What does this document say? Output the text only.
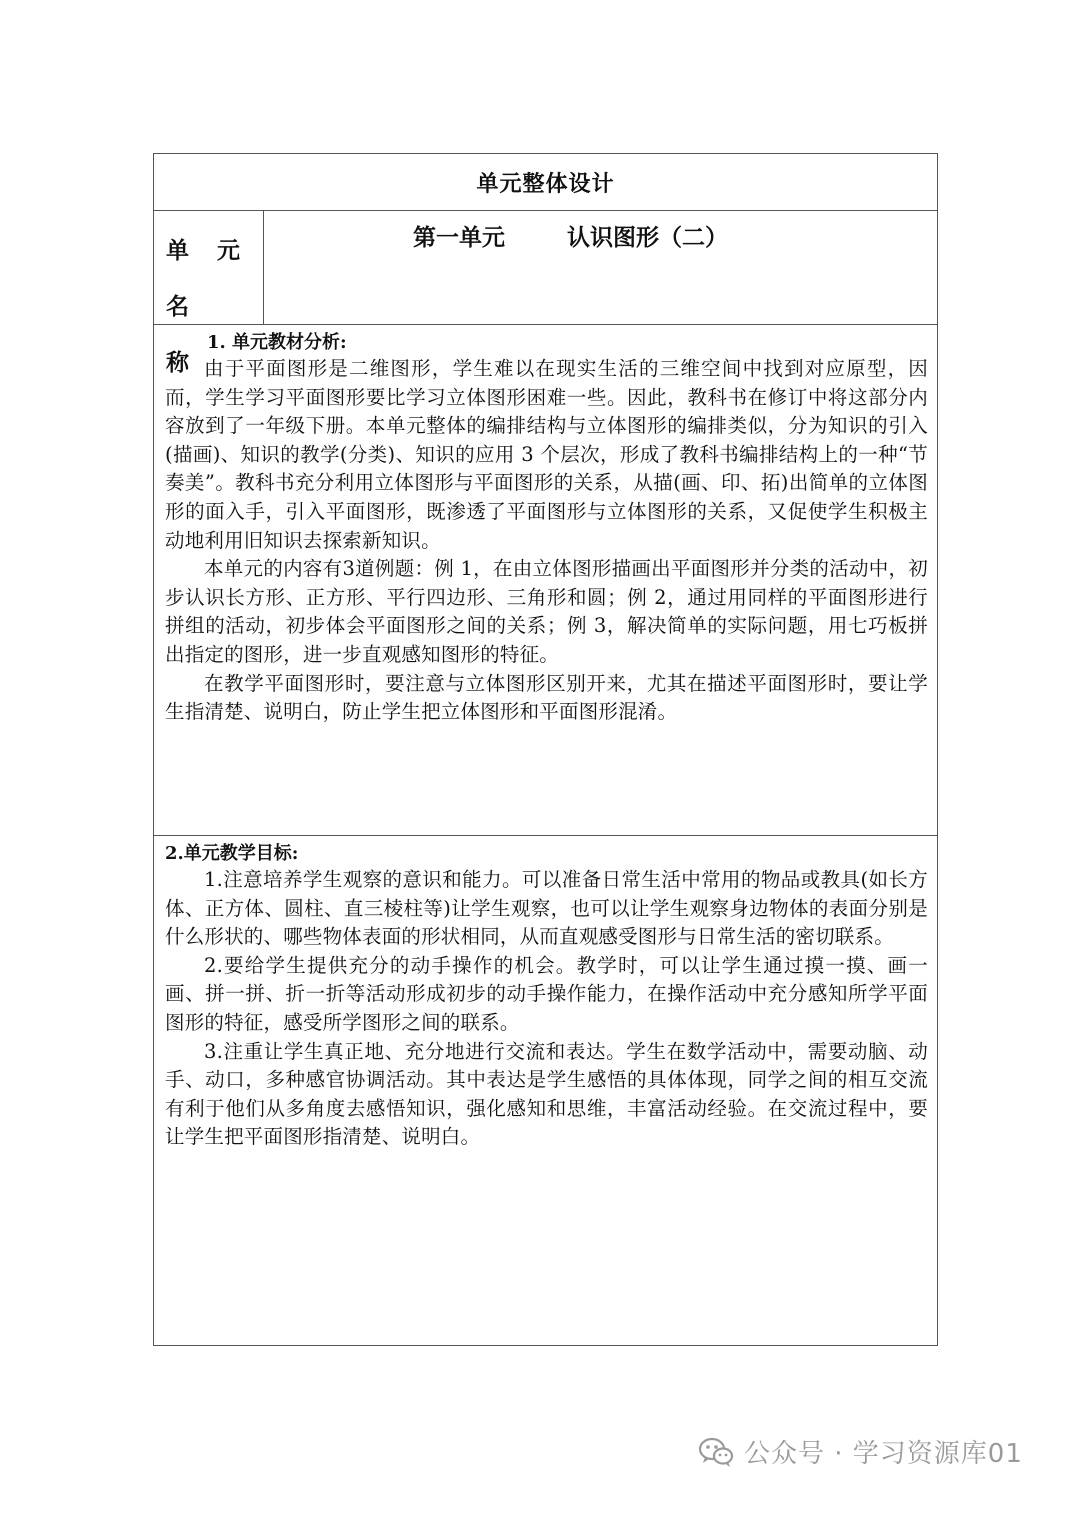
单元整体设计
单 元 名
称
第一单元	认识图形（二）

1. 单元教材分析:

由于平面图形是二维图形，学生难以在现实生活的三维空间中找到对应原型，因而，学生学习平面图形要比学习立体图形困难一些。因此，教科书在修订中将这部分内容放到了一年级下册。本单元整体的编排结构与立体图形的编排类似，分为知识的引入(描画)、知识的教学(分类)、知识的应用 3 个层次，形成了教科书编排结构上的一种“节奏美”。教科书充分利用立体图形与平面图形的关系，从描(画、印、拓)出简单的立体图形的面入手，引入平面图形，既渗透了平面图形与立体图形的关系，又促使学生积极主动地利用旧知识去探索新知识。

本单元的内容有3道例题：例 1，在由立体图形描画出平面图形并分类的活动中，初步认识长方形、正方形、平行四边形、三角形和圆；例 2，通过用同样的平面图形进行拼组的活动，初步体会平面图形之间的关系；例 3，解决简单的实际问题，用七巧板拼出指定的图形，进一步直观感知图形的特征。

在教学平面图形时，要注意与立体图形区别开来，尤其在描述平面图形时，要让学生指清楚、说明白，防止学生把立体图形和平面图形混淆。

2.单元教学目标:

1.注意培养学生观察的意识和能力。可以准备日常生活中常用的物品或教具(如长方体、正方体、圆柱、直三棱柱等)让学生观察，也可以让学生观察身边物体的表面分别是什么形状的、哪些物体表面的形状相同，从而直观感受图形与日常生活的密切联系。

2.要给学生提供充分的动手操作的机会。教学时，可以让学生通过摸一摸、画一画、拼一拼、折一折等活动形成初步的动手操作能力，在操作活动中充分感知所学平面图形的特征，感受所学图形之间的联系。

3.注重让学生真正地、充分地进行交流和表达。学生在数学活动中，需要动脑、动手、动口，多种感官协调活动。其中表达是学生感悟的具体体现，同学之间的相互交流有利于他们从多角度去感悟知识，强化感知和思维，丰富活动经验。在交流过程中，要让学生把平面图形指清楚、说明白。

公众号 · 学习资源库01
